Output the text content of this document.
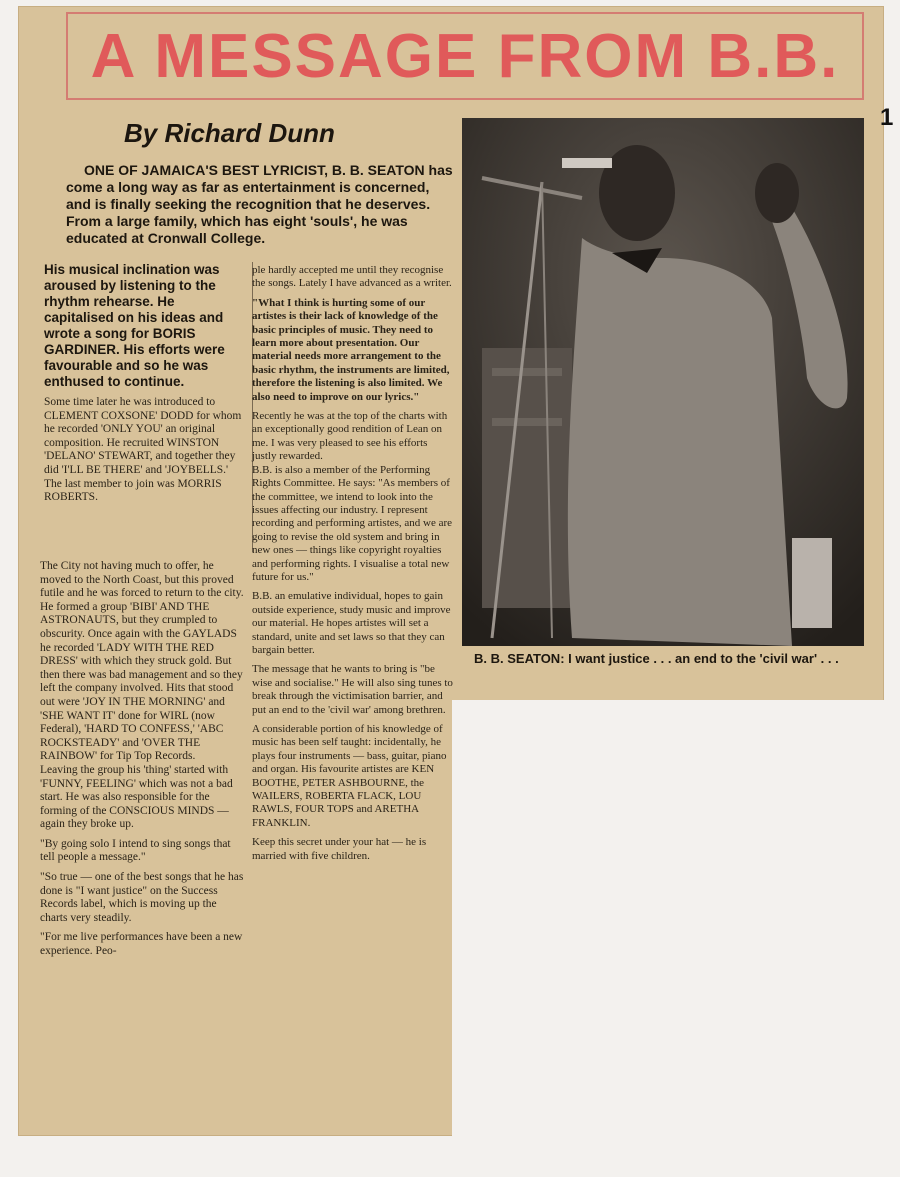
A MESSAGE FROM B.B.
1
By Richard Dunn
ONE OF JAMAICA'S BEST LYRICIST, B. B. SEATON has come a long way as far as entertainment is concerned, and is finally seeking the recognition that he deserves. From a large family, which has eight 'souls', he was educated at Cronwall College.
B. B. SEATON: I want justice . . . an end to the 'civil war' . . .

His musical inclination was aroused by listening to the rhythm rehearse. He capitalised on his ideas and wrote a song for BORIS GARDINER. His efforts were favourable and so he was enthused to continue.

Some time later he was introduced to CLEMENT COXSONE' DODD for whom he recorded 'ONLY YOU' an original composition. He recruited WINSTON 'DELANO' STEWART, and together they did 'I'LL BE THERE' and 'JOYBELLS.' The last member to join was MORRIS ROBERTS.

The City not having much to offer, he moved to the North Coast, but this proved futile and he was forced to return to the city. He formed a group 'BIBI' AND THE ASTRONAUTS, but they crumpled to obscurity. Once again with the GAYLADS he recorded 'LADY WITH THE RED DRESS' with which they struck gold. But then there was bad management and so they left the company involved. Hits that stood out were 'JOY IN THE MORNING' and 'SHE WANT IT' done for WIRL (now Federal), 'HARD TO CONFESS,' 'ABC ROCKSTEADY' and 'OVER THE RAINBOW' for Tip Top Records.

Leaving the group his 'thing' started with 'FUNNY, FEELING' which was not a bad start. He was also responsible for the forming of the CONSCIOUS MINDS — again they broke up.

"By going solo I intend to sing songs that tell people a message."

"So true — one of the best songs that he has done is "I want justice" on the Success Records label, which is moving up the charts very steadily.

"For me live performances have been a new experience. Peo-

ple hardly accepted me until they recognise the songs. Lately I have advanced as a writer.

"What I think is hurting some of our artistes is their lack of knowledge of the basic principles of music. They need to learn more about presentation. Our material needs more arrangement to the basic rhythm, the instruments are limited, therefore the listening is also limited. We also need to improve on our lyrics."

Recently he was at the top of the charts with an exceptionally good rendition of Lean on me. I was very pleased to see his efforts justly rewarded.

B.B. is also a member of the Performing Rights Committee. He says: "As members of the committee, we intend to look into the issues affecting our industry. I represent recording and performing artistes, and we are going to revise the old system and bring in new ones — things like copyright royalties and performing rights. I visualise a total new future for us."

B.B. an emulative individual, hopes to gain outside experience, study music and improve our material. He hopes artistes will set a standard, unite and set laws so that they can bargain better.

The message that he wants to bring is "be wise and socialise." He will also sing tunes to break through the victimisation barrier, and put an end to the 'civil war' among brethren.

A considerable portion of his knowledge of music has been self taught: incidentally, he plays four instruments — bass, guitar, piano and organ. His favourite artistes are KEN BOOTHE, PETER ASHBOURNE, the WAILERS, ROBERTA FLACK, LOU RAWLS, FOUR TOPS and ARETHA FRANKLIN.

Keep this secret under your hat — he is married with five children.
